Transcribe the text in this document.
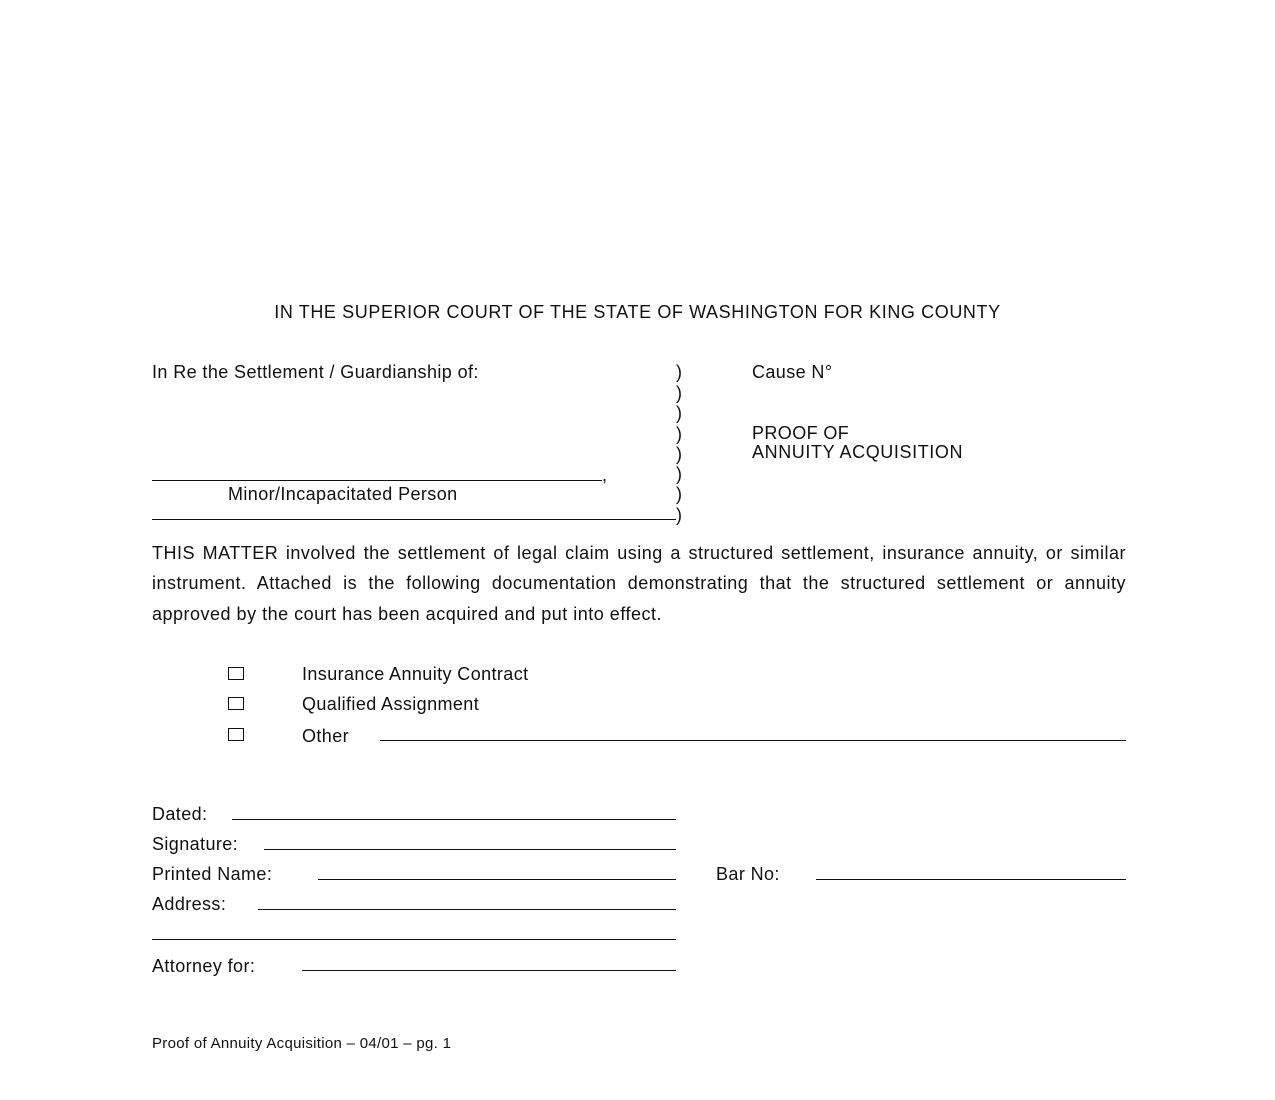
IN THE SUPERIOR COURT OF THE STATE OF WASHINGTON FOR KING COUNTY
In Re the Settlement / Guardianship of:
,
Minor/Incapacitated Person
)
)
)
)
)
)
)
)
Cause N°
PROOF OF
ANNUITY ACQUISITION
THIS MATTER involved the settlement of legal claim using a structured settlement, insurance annuity, or similar instrument. Attached is the following documentation demonstrating that the structured settlement or annuity approved by the court has been acquired and put into effect.
Insurance Annuity Contract
Qualified Assignment
Other
Dated:
Signature:
Printed Name:	Bar No:
Address:
Attorney for:
Proof of Annuity Acquisition – 04/01 – pg. 1
